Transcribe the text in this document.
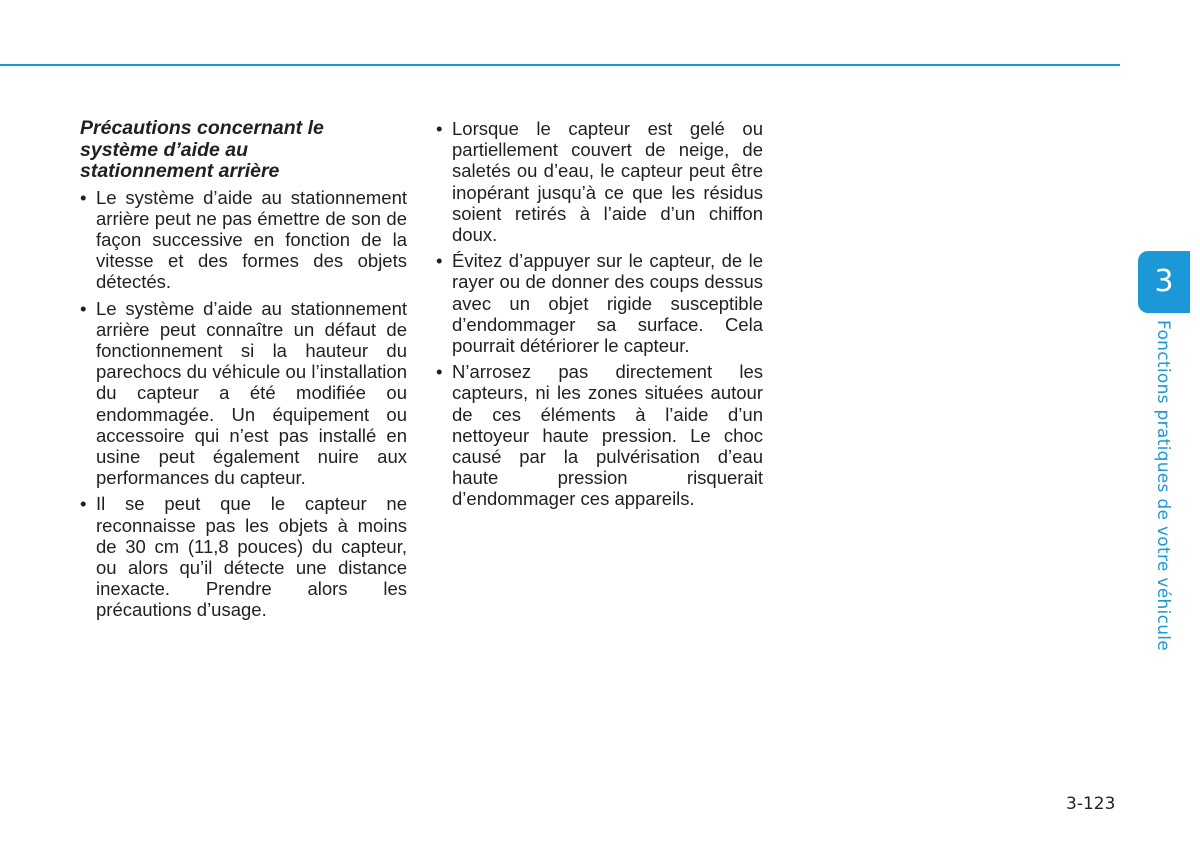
Précautions concernant le système d’aide au stationnement arrière
• Le système d’aide au stationnement arrière peut ne pas émettre de son de façon successive en fonction de la vitesse et des formes des objets détectés.
• Le système d’aide au stationnement arrière peut connaître un défaut de fonctionnement si la hauteur du parechocs du véhicule ou l’installation du capteur a été modifiée ou endommagée. Un équipement ou accessoire qui n’est pas installé en usine peut également nuire aux performances du capteur.
• Il se peut que le capteur ne reconnaisse pas les objets à moins de 30 cm (11,8 pouces) du capteur, ou alors qu’il détecte une distance inexacte. Prendre alors les précautions d’usage.
• Lorsque le capteur est gelé ou partiellement couvert de neige, de saletés ou d’eau, le capteur peut être inopérant jusqu’à ce que les résidus soient retirés à l’aide d’un chiffon doux.
• Évitez d’appuyer sur le capteur, de le rayer ou de donner des coups dessus avec un objet rigide susceptible d’endommager sa surface. Cela pourrait détériorer le capteur.
• N’arrosez pas directement les capteurs, ni les zones situées autour de ces éléments à l’aide d’un nettoyeur haute pression. Le choc causé par la pulvérisation d’eau haute pression risquerait d’endommager ces appareils.
3
Fonctions pratiques de votre véhicule
3-123
